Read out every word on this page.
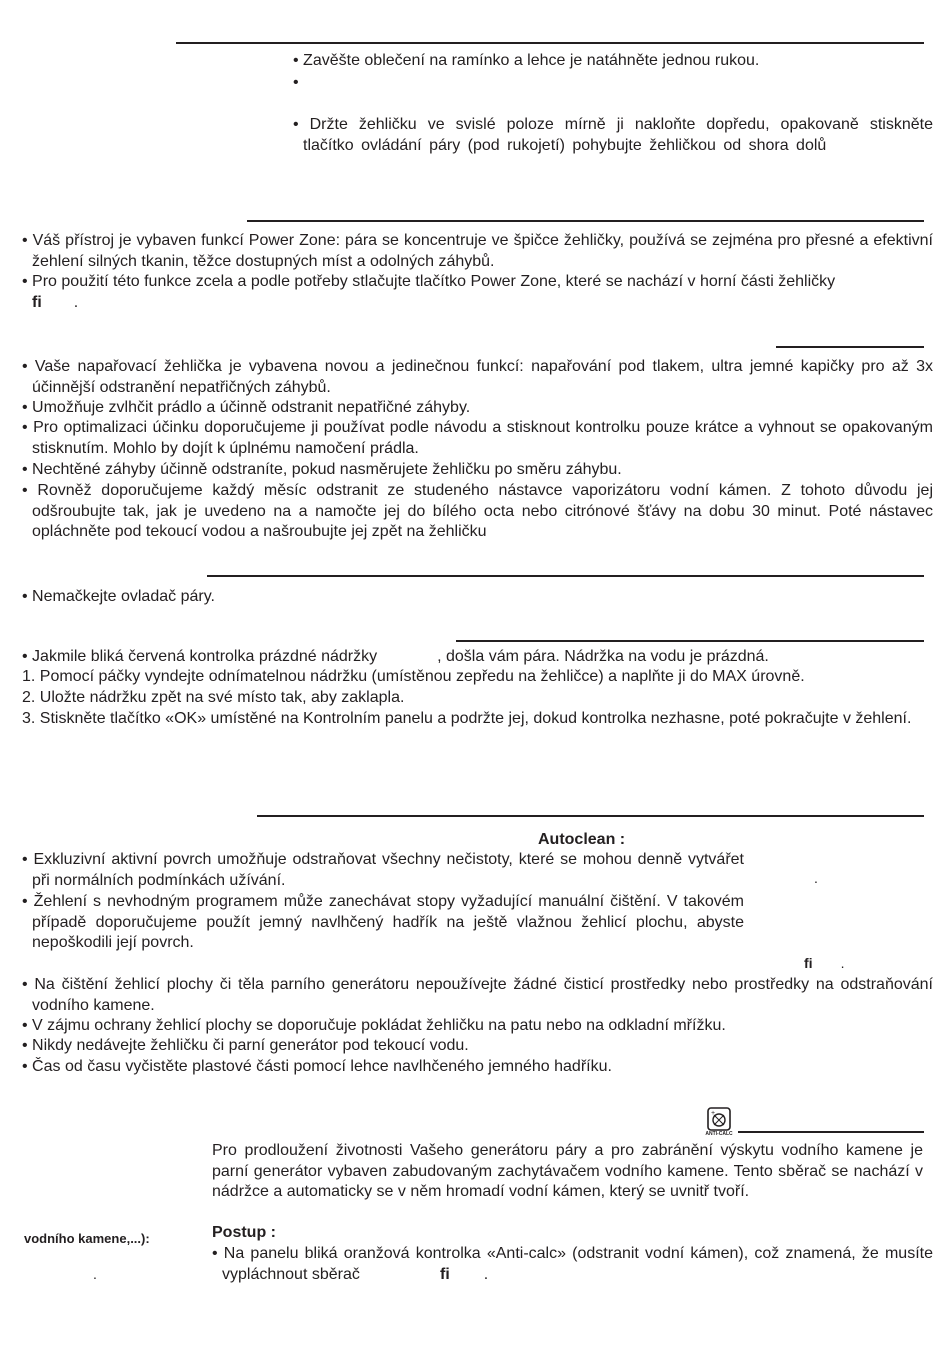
• Zavěšte oblečení na ramínko a lehce je natáhněte jednou rukou.
•
• Držte žehličku ve svislé poloze mírně ji nakloňte dopředu, opakovaně stiskněte tlačítko ovládání páry (pod rukojetí) pohybujte žehličkou od shora dolů
• Váš přístroj je vybaven funkcí Power Zone: pára se koncentruje ve špičce žehličky, používá se zejména pro přesné a efektivní žehlení silných tkanin, těžce dostupných míst a odolných záhybů.
• Pro použití této funkce zcela a podle potřeby stlačujte tlačítko Power Zone, které se nachází v horní části žehličky
ﬁ .
• Vaše napařovací žehlička je vybavena novou a jedinečnou funkcí: napařování pod tlakem, ultra jemné kapičky pro až 3x účinnější odstranění nepatřičných záhybů.
• Umožňuje zvlhčit prádlo a účinně odstranit nepatřičné záhyby.
• Pro optimalizaci účinku doporučujeme ji používat podle návodu a stisknout kontrolku pouze krátce a vyhnout se opakovaným stisknutím. Mohlo by dojít k úplnému namočení prádla.
• Nechtěné záhyby účinně odstraníte, pokud nasměrujete žehličku po směru záhybu.
• Rovněž doporučujeme každý měsíc odstranit ze studeného nástavce vaporizátoru vodní kámen. Z tohoto důvodu jej odšroubujte tak, jak je uvedeno na a namočte jej do bílého octa nebo citrónové šťávy na dobu 30 minut. Poté nástavec opláchněte pod tekoucí vodou a našroubujte jej zpět na žehličku
• Nemačkejte ovladač páry.
• Jakmile bliká červená kontrolka prázdné nádržky	, došla vám pára. Nádržka na vodu je prázdná.
1. Pomocí páčky vyndejte odnímatelnou nádržku (umístěnou zepředu na žehličce) a naplňte ji do MAX úrovně.
2. Uložte nádržku zpět na své místo tak, aby zaklapla.
3. Stiskněte tlačítko «OK» umístěné na Kontrolním panelu a podržte jej, dokud kontrolka nezhasne, poté pokračujte v žehlení.
Autoclean :
• Exkluzivní aktivní povrch umožňuje odstraňovat všechny nečistoty, které se mohou denně vytvářet při normálních podmínkách užívání.
• Žehlení s nevhodným programem může zanechávat stopy vyžadující manuální čištění. V takovém případě doporučujeme použít jemný navlhčený hadřík na ještě vlažnou žehlicí plochu, abyste nepoškodili její povrch.
.
ﬁ .
• Na čištění žehlicí plochy či těla parního generátoru nepoužívejte žádné čisticí prostředky nebo prostředky na odstraňování vodního kamene.
• V zájmu ochrany žehlicí plochy se doporučuje pokládat žehličku na patu nebo na odkladní mřížku.
• Nikdy nedávejte žehličku či parní generátor pod tekoucí vodu.
• Čas od času vyčistěte plastové části pomocí lehce navlhčeného jemného hadříku.
+
ANTI-CALC
Pro prodloužení životnosti Vašeho generátoru páry a pro zabránění výskytu vodního kamene je parní generátor vybaven zabudovaným zachytávačem vodního kamene. Tento sběrač se nachází v nádržce a automaticky se v něm hromadí vodní kámen, který se uvnitř tvoří.
vodního kamene,...):
.
Postup :
• Na panelu bliká oranžová kontrolka «Anti-calc» (odstranit vodní kámen), což znamená, že musíte vypláchnout sběrač	ﬁ .
